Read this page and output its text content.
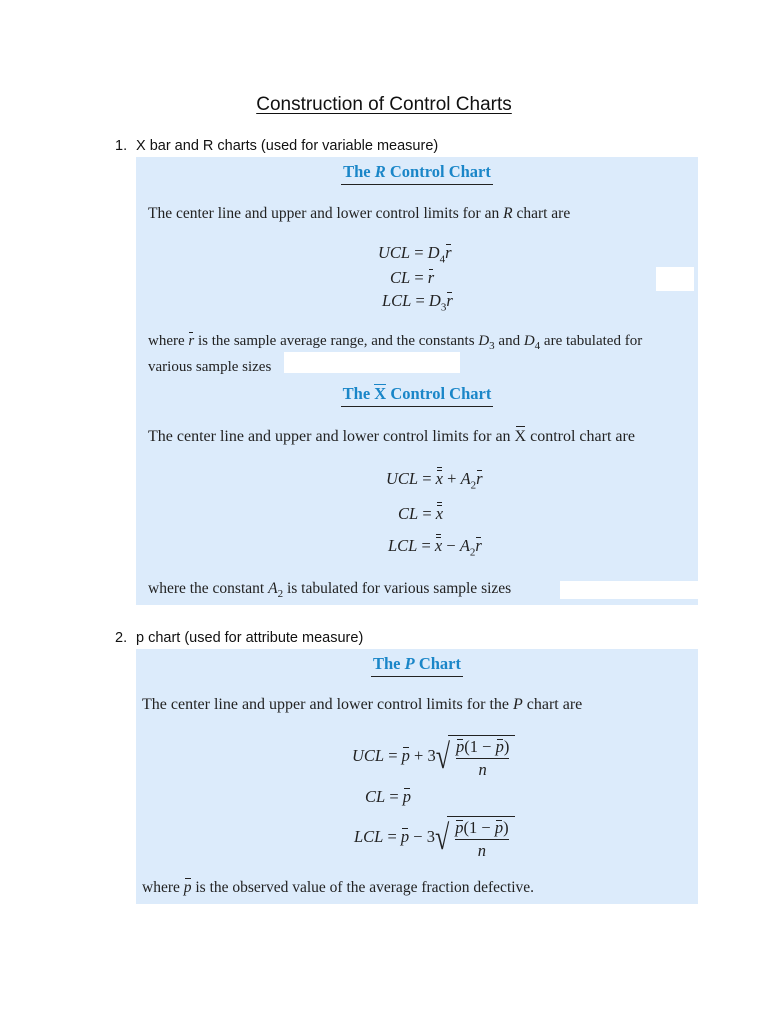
Construction of Control Charts
1. X bar and R charts (used for variable measure)
The R Control Chart
The center line and upper and lower control limits for an R chart are
UCL = $D_4$
r
CL =
r
LCL = $D_3$
r
where
r is the sample average range, and the constants $D_3$ and $D_4$ are tabulated for
various sample sizes
The X Control Chart
The center line and upper and lower control limits for an
X control chart are
UCL =
$x + A_2$
r
CL =
x
LCL =
$x - A_2$
r
where the constant $A_2$ is tabulated for various sample sizes
2. p chart (used for attribute measure)
The P Chart
The center line and upper and lower control limits for the P chart are
UCL =
p + 3√
p(1 −
p)
n
CL =
p
LCL =
p − 3√
p(1 −
p)
n
where
p is the observed value of the average fraction defective.
